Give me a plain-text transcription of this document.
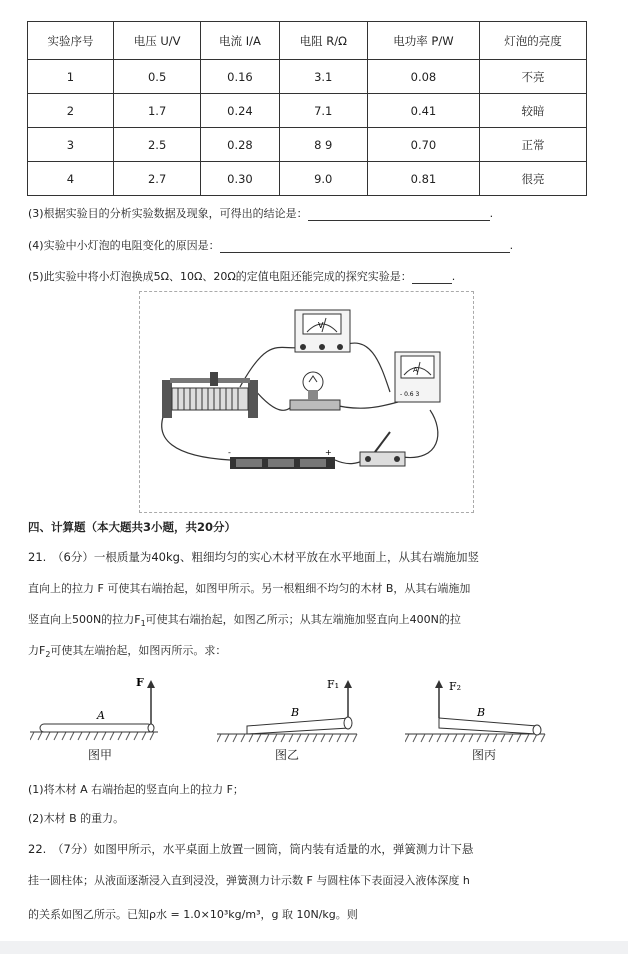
实验序号	电压 U/V	电流 I/A	电阻 R/Ω	电功率 P/W	灯泡的亮度
1	0.5	0.16	3.1	0.08	不亮
2	1.7	0.24	7.1	0.41	较暗
3	2.5	0.28	8 9	0.70	正常
4	2.7	0.30	9.0	0.81	很亮
(3)根据实验目的分析实验数据及现象，可得出的结论是：	.
(4)实验中小灯泡的电阻变化的原因是：	.
(5)此实验中将小灯泡换成5Ω、10Ω、20Ω的定值电阻还能完成的探究实验是：	.
V
A
- 0.6 3
-	+
四、计算题（本大题共3小题，共20分）
21.　（6分）一根质量为40kg、粗细均匀的实心木材平放在水平地面上，从其右端施加竖
直向上的拉力 F 可使其右端抬起，如图甲所示。另一根粗细不均匀的木材 B，从其右端施加
竖直向上500N的拉力$F_1$可使其右端抬起，如图乙所示；从其左端施加竖直向上400N的拉
力$F_2$可使其左端抬起，如图丙所示。求：
F
A
图甲
F₁
B
图乙
F₂
B
图丙
(1)将木材 A 右端抬起的竖直向上的拉力 F；
(2)木材 B 的重力。
22.　（7分）如图甲所示，水平桌面上放置一圆筒，筒内装有适量的水，弹簧测力计下悬
挂一圆柱体；从液面逐渐浸入直到浸没，弹簧测力计示数 F 与圆柱体下表面浸入液体深度 h
的关系如图乙所示。已知ρ水 = 1.0×10³kg/m³，g 取 10N/kg。则
